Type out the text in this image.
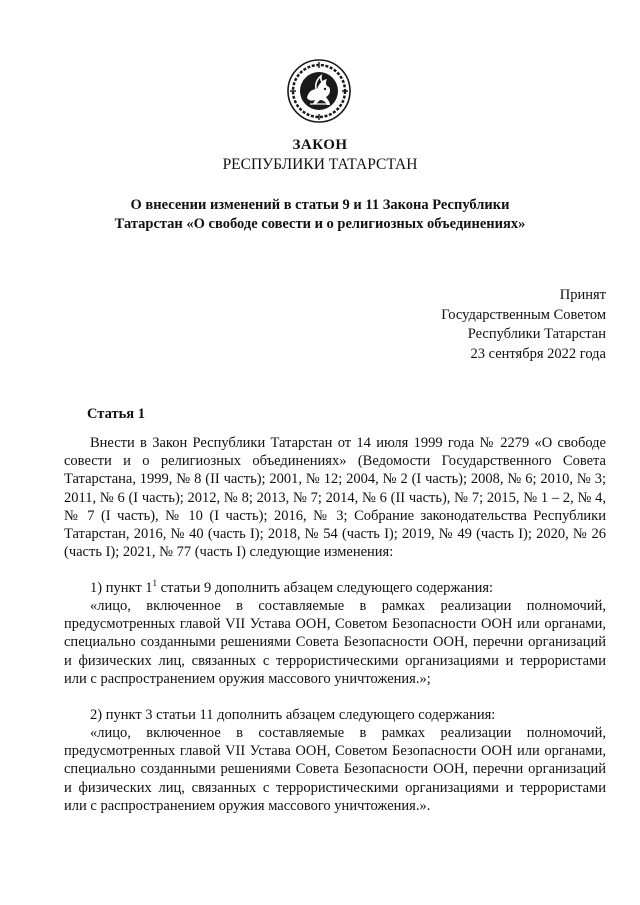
ЗАКОН
РЕСПУБЛИКИ ТАТАРСТАН
О внесении изменений в статьи 9 и 11 Закона Республики
Татарстан «О свободе совести и о религиозных объединениях»
Принят
Государственным Советом
Республики Татарстан
23 сентября 2022 года
Статья 1

Внести в Закон Республики Татарстан от 14 июля 1999 года № 2279 «О свободе совести и о религиозных объединениях» (Ведомости Государственного Совета Татарстана, 1999, № 8 (II часть); 2001, № 12; 2004, № 2 (I часть); 2008, № 6; 2010, № 3; 2011, № 6 (I часть); 2012, № 8; 2013, № 7; 2014, № 6 (II часть), № 7; 2015, № 1 – 2, № 4, № 7 (I часть), № 10 (I часть); 2016, № 3; Собрание законодательства Республики Татарстан, 2016, № 40 (часть I); 2018, № 54 (часть I); 2019, № 49 (часть I); 2020, № 26 (часть I); 2021, № 77 (часть I) следующие изменения:

1) пункт $1^1$ статьи 9 дополнить абзацем следующего содержания:

«лицо, включенное в составляемые в рамках реализации полномочий, предусмотренных главой VII Устава ООН, Советом Безопасности ООН или органами, специально созданными решениями Совета Безопасности ООН, перечни организаций и физических лиц, связанных с террористическими организациями и террористами или с распространением оружия массового уничтожения.»;

2) пункт 3 статьи 11 дополнить абзацем следующего содержания:

«лицо, включенное в составляемые в рамках реализации полномочий, предусмотренных главой VII Устава ООН, Советом Безопасности ООН или органами, специально созданными решениями Совета Безопасности ООН, перечни организаций и физических лиц, связанных с террористическими организациями и террористами или с распространением оружия массового уничтожения.».
